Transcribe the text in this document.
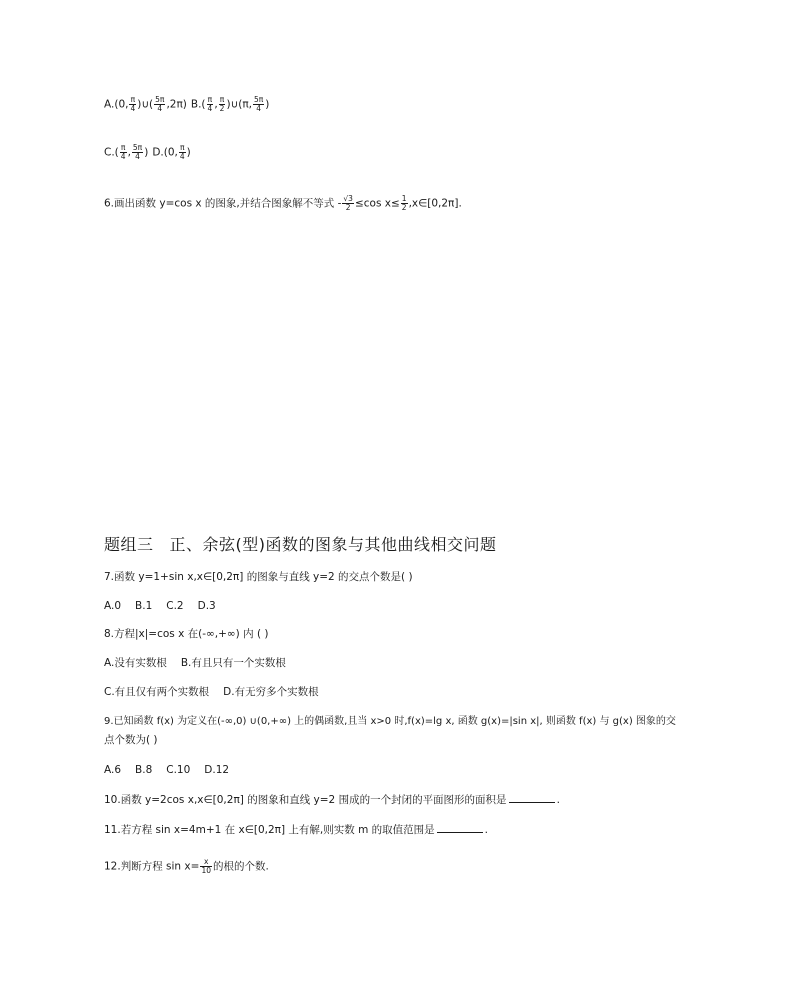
A.(0, $\frac{\pi}{4}$ )∪( $\frac{5\pi}{4} ,2\pi$) $B.( \frac{\pi}{4}$ , $\frac{\pi}{2}$ )∪(π, $\frac{5\pi}{4}$ )
$C.( \frac{\pi}{4}$ , $\frac{5\pi}{4}$ ) D.(0, $\frac{\pi}{4}$ )
6.画出函数 y=cos x 的图象,并结合图象解不等式 - $\frac{√3}{2} \le\cos$ $x\le \frac{1}{2}$ ,x∈[0,2π].
题组三 正、余弦(型)函数的图象与其他曲线相交问题
7.函数 y=1+sin x,x∈[0,2π] 的图象与直线 y=2 的交点个数是( )
A.0 B.1 C.2 D.3
8.方程|x|=cos x 在(-∞,+∞) 内 ( )
A.没有实数根 B.有且只有一个实数根
C.有且仅有两个实数根 D.有无穷多个实数根
9.已知函数 f(x) 为定义在(-∞,0) ∪(0,+∞) 上的偶函数,且当 x>0 时,f(x)=lg x, 函数 g(x)=|sin x|, 则函数 f(x) 与 g(x) 图象的交
点个数为( )
A.6 B.8 C.10 D.12
10.函数 y=2cos x,x∈[0,2π] 的图象和直线 y=2 围成的一个封闭的平面图形的面积是	.
11.若方程 sin x=4m+1 在 x∈[0,2π] 上有解,则实数 m 的取值范围是	.
12.判断方程 $\sin x= \frac{x}{10}$ 的根的个数.
